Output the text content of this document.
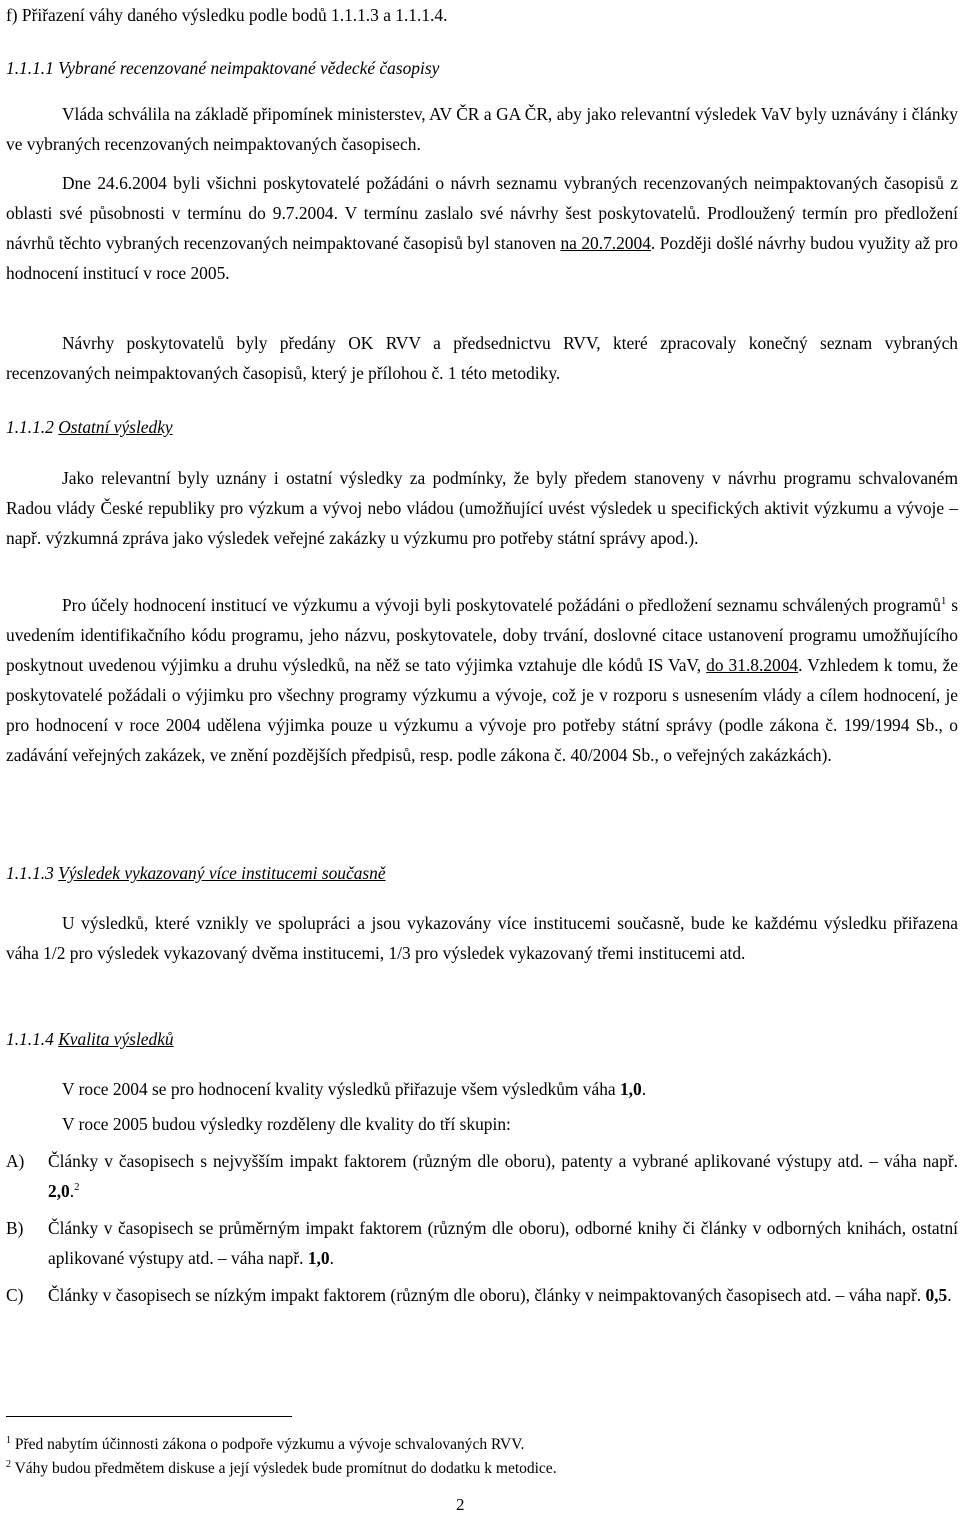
f) Přiřazení váhy daného výsledku podle bodů 1.1.1.3 a 1.1.1.4.
1.1.1.1 Vybrané recenzované neimpaktované vědecké časopisy

Vláda schválila na základě připomínek ministerstev, AV ČR a GA ČR, aby jako relevantní výsledek VaV byly uznávány i články ve vybraných recenzovaných neimpaktovaných časopisech.

Dne 24.6.2004 byli všichni poskytovatelé požádáni o návrh seznamu vybraných recenzovaných neimpaktovaných časopisů z oblasti své působnosti v termínu do 9.7.2004. V termínu zaslalo své návrhy šest poskytovatelů. Prodloužený termín pro předložení návrhů těchto vybraných recenzovaných neimpaktované časopisů byl stanoven na 20.7.2004. Později došlé návrhy budou využity až pro hodnocení institucí v roce 2005.

Návrhy poskytovatelů byly předány OK RVV a předsednictvu RVV, které zpracovaly konečný seznam vybraných recenzovaných neimpaktovaných časopisů, který je přílohou č. 1 této metodiky.

1.1.1.2 Ostatní výsledky

Jako relevantní byly uznány i ostatní výsledky za podmínky, že byly předem stanoveny v návrhu programu schvalovaném Radou vlády České republiky pro výzkum a vývoj nebo vládou (umožňující uvést výsledek u specifických aktivit výzkumu a vývoje – např. výzkumná zpráva jako výsledek veřejné zakázky u výzkumu pro potřeby státní správy apod.).

Pro účely hodnocení institucí ve výzkumu a vývoji byli poskytovatelé požádáni o předložení seznamu schválených programů$^1$ s uvedením identifikačního kódu programu, jeho názvu, poskytovatele, doby trvání, doslovné citace ustanovení programu umožňujícího poskytnout uvedenou výjimku a druhu výsledků, na něž se tato výjimka vztahuje dle kódů IS VaV, do 31.8.2004. Vzhledem k tomu, že poskytovatelé požádali o výjimku pro všechny programy výzkumu a vývoje, což je v rozporu s usnesením vlády a cílem hodnocení, je pro hodnocení v roce 2004 udělena výjimka pouze u výzkumu a vývoje pro potřeby státní správy (podle zákona č. 199/1994 Sb., o zadávání veřejných zakázek, ve znění pozdějších předpisů, resp. podle zákona č. 40/2004 Sb., o veřejných zakázkách).

1.1.1.3 Výsledek vykazovaný více institucemi současně

U výsledků, které vznikly ve spolupráci a jsou vykazovány více institucemi současně, bude ke každému výsledku přiřazena váha 1/2 pro výsledek vykazovaný dvěma institucemi, 1/3 pro výsledek vykazovaný třemi institucemi atd.

1.1.1.4 Kvalita výsledků
V roce 2004 se pro hodnocení kvality výsledků přiřazuje všem výsledkům váha 1,0.
V roce 2005 budou výsledky rozděleny dle kvality do tří skupin:
A) Články v časopisech s nejvyšším impakt faktorem (různým dle oboru), patenty a vybrané aplikované výstupy atd. – váha např. 2,0.$^2$

B) Články v časopisech se průměrným impakt faktorem (různým dle oboru), odborné knihy či články v odborných knihách, ostatní aplikované výstupy atd. – váha např. 1,0.

C) Články v časopisech se nízkým impakt faktorem (různým dle oboru), články v neimpaktovaných časopisech atd. – váha např. 0,5.

$^1$ Před nabytím účinnosti zákona o podpoře výzkumu a vývoje schvalovaných RVV.
$^2$ Váhy budou předmětem diskuse a její výsledek bude promítnut do dodatku k metodice.
2
